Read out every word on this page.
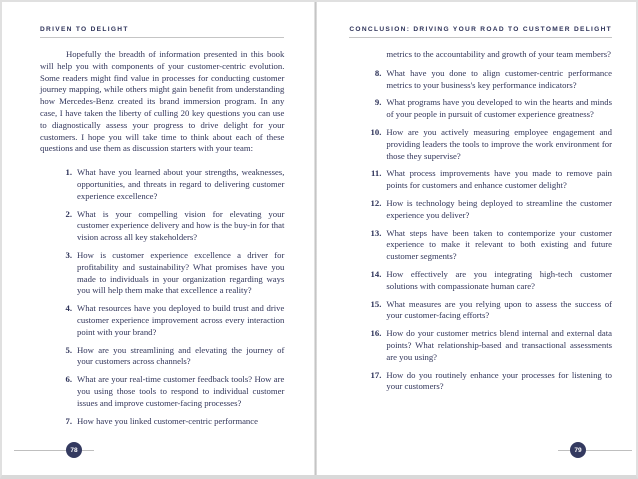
DRIVEN TO DELIGHT

Hopefully the breadth of information presented in this book will help you with components of your customer-centric evolution. Some readers might find value in processes for conducting customer journey mapping, while others might gain benefit from understanding how Mercedes-Benz created its brand immersion program. In any case, I have taken the liberty of culling 20 key questions you can use to diagnostically assess your progress to drive delight for your customers. I hope you will take time to think about each of these questions and use them as discussion starters with your team:

1. What have you learned about your strengths, weaknesses, opportunities, and threats in regard to delivering customer experience excellence?
2. What is your compelling vision for elevating your customer experience delivery and how is the buy-in for that vision across all key stakeholders?
3. How is customer experience excellence a driver for profitability and sustainability? What promises have you made to individuals in your organization regarding ways you will help them make that excellence a reality?
4. What resources have you deployed to build trust and drive customer experience improvement across every interaction point with your brand?
5. How are you streamlining and elevating the journey of your customers across channels?
6. What are your real-time customer feedback tools? How are you using those tools to respond to individual customer issues and improve customer-facing processes?
7. How have you linked customer-centric performance
78
CONCLUSION: DRIVING YOUR ROAD TO CUSTOMER DELIGHT

metrics to the accountability and growth of your team members?

8. What have you done to align customer-centric performance metrics to your business's key performance indicators?
9. What programs have you developed to win the hearts and minds of your people in pursuit of customer experience greatness?
10. How are you actively measuring employee engagement and providing leaders the tools to improve the work environment for those they supervise?
11. What process improvements have you made to remove pain points for customers and enhance customer delight?
12. How is technology being deployed to streamline the customer experience you deliver?
13. What steps have been taken to contemporize your customer experience to make it relevant to both existing and future customer segments?
14. How effectively are you integrating high-tech customer solutions with compassionate human care?
15. What measures are you relying upon to assess the success of your customer-facing efforts?
16. How do your customer metrics blend internal and external data points? What relationship-based and transactional assessments are you using?
17. How do you routinely enhance your processes for listening to your customers?
79
